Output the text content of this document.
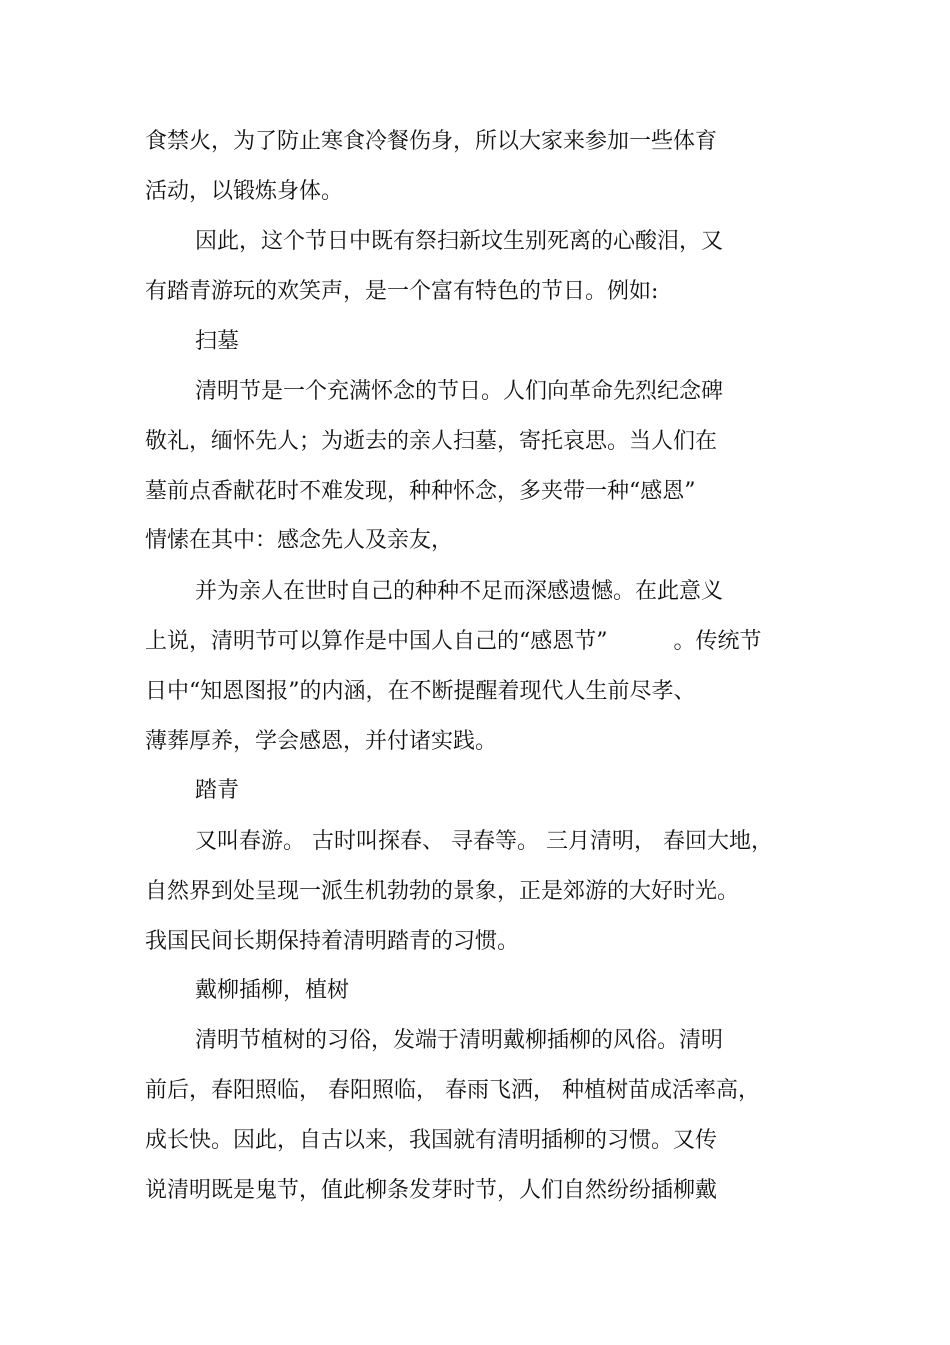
食禁火，为了防止寒食冷餐伤身，所以大家来参加一些体育
活动，以锻炼身体。
因此，这个节日中既有祭扫新坟生别死离的心酸泪，又
有踏青游玩的欢笑声，是一个富有特色的节日。例如:
扫墓
清明节是一个充满怀念的节日。人们向革命先烈纪念碑
敬礼，缅怀先人；为逝去的亲人扫墓，寄托哀思。当人们在
墓前点香献花时不难发现，种种怀念，多夹带一种“感恩”
情愫在其中：感念先人及亲友，
并为亲人在世时自己的种种不足而深感遗憾。在此意义
上说，清明节可以算作是中国人自己的“感恩节”　　　。传统节
日中“知恩图报”的内涵，在不断提醒着现代人生前尽孝、
薄葬厚养，学会感恩，并付诸实践。
踏青
又叫春游。 古时叫探春、 寻春等。 三月清明， 春回大地，
自然界到处呈现一派生机勃勃的景象，正是郊游的大好时光。
我国民间长期保持着清明踏青的习惯。
戴柳插柳，植树
清明节植树的习俗，发端于清明戴柳插柳的风俗。清明
前后，春阳照临， 春阳照临， 春雨飞洒， 种植树苗成活率高，
成长快。因此，自古以来，我国就有清明插柳的习惯。又传
说清明既是鬼节，值此柳条发芽时节，人们自然纷纷插柳戴
